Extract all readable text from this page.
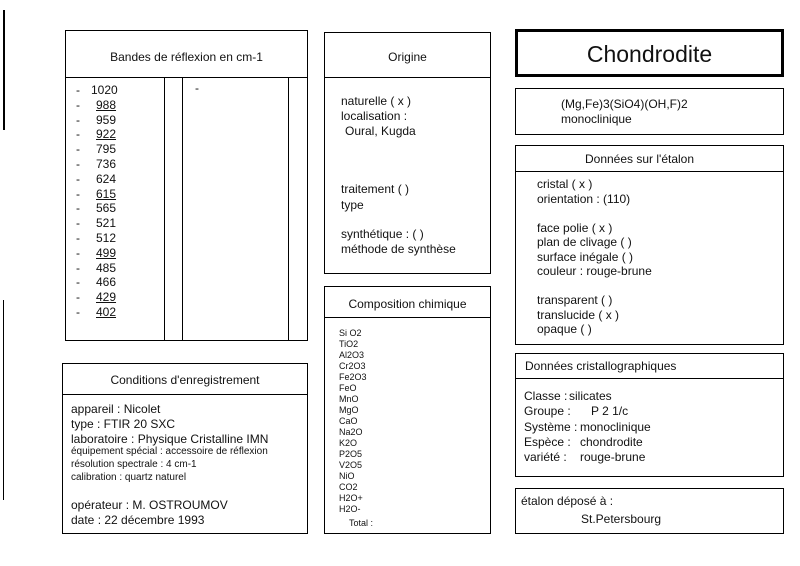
Bandes de réflexion en cm-1
- 1020
- 988
- 959
- 922
- 795
- 736
- 624
- 615
- 565
- 521
- 512
- 499
- 485
- 466
- 429
- 402
-
Origine
naturelle ( x )
localisation :
Oural, Kugda
traitement ( )
type
synthétique : ( )
méthode de synthèse
Composition chimique
Si O2
TiO2
Al2O3
Cr2O3
Fe2O3
FeO
MnO
MgO
CaO
Na2O
K2O
P2O5
V2O5
NiO
CO2
H2O+
H2O-
Total :
Chondrodite
(Mg,Fe)3(SiO4)(OH,F)2
monoclinique
Données sur l'étalon
cristal ( x )
orientation : (110)
face polie ( x )
plan de clivage ( )
surface inégale ( )
couleur : rouge-brune
transparent ( )
translucide ( x )
opaque ( )
Données cristallographiques
Classe : silicates
Groupe : P 2 1/c
Système : monoclinique
Espèce : chondrodite
variété : rouge-brune
étalon déposé à :
St.Petersbourg
Conditions d'enregistrement
appareil : Nicolet
type : FTIR 20 SXC
laboratoire : Physique Cristalline IMN
équipement spécial : accessoire de réflexion
résolution spectrale : 4 cm-1
calibration : quartz naturel
opérateur : M. OSTROUMOV
date : 22 décembre 1993
